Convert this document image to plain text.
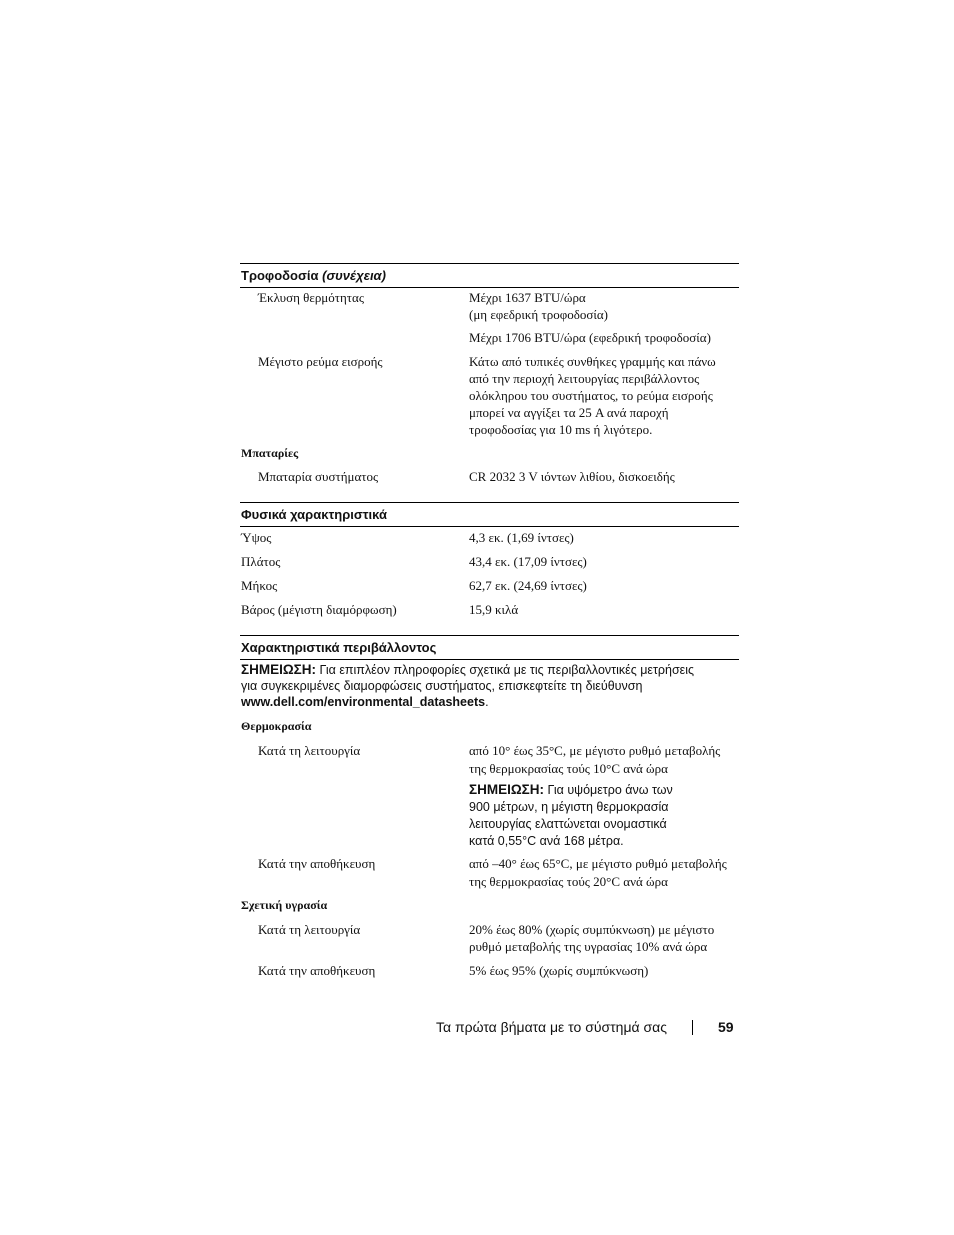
Τροφοδοσία (συνέχεια)
Έκλυση θερμότητας	Μέχρι 1637 BTU/ώρα
(μη εφεδρική τροφοδοσία)
Μέχρι 1706 BTU/ώρα (εφεδρική τροφοδοσία)
Μέγιστο ρεύμα εισροής	Κάτω από τυπικές συνθήκες γραμμής και πάνω
από την περιοχή λειτουργίας περιβάλλοντος
ολόκληρου του συστήματος, το ρεύμα εισροής
μπορεί να αγγίξει τα 25 A ανά παροχή
τροφοδοσίας για 10 ms ή λιγότερο.
Μπαταρίες
Μπαταρία συστήματος	CR 2032 3 V ιόντων λιθίου, δισκοειδής
Φυσικά χαρακτηριστικά
Ύψος	4,3 εκ. (1,69 ίντσες)
Πλάτος	43,4 εκ. (17,09 ίντσες)
Μήκος	62,7 εκ. (24,69 ίντσες)
Βάρος (μέγιστη διαμόρφωση)	15,9 κιλά
Χαρακτηριστικά περιβάλλοντος
ΣΗΜΕΙΩΣΗ: Για επιπλέον πληροφορίες σχετικά με τις περιβαλλοντικές μετρήσεις
για συγκεκριμένες διαμορφώσεις συστήματος, επισκεφτείτε τη διεύθυνση
www.dell.com/environmental_datasheets.
Θερμοκρασία
Κατά τη λειτουργία	από 10° έως 35°C, με μέγιστο ρυθμό μεταβολής
της θερμοκρασίας τούς 10°C ανά ώρα
ΣΗΜΕΙΩΣΗ: Για υψόμετρο άνω των
900 μέτρων, η μέγιστη θερμοκρασία
λειτουργίας ελαττώνεται ονομαστικά
κατά 0,55°C ανά 168 μέτρα.
Κατά την αποθήκευση	από –40° έως 65°C, με μέγιστο ρυθμό μεταβολής
της θερμοκρασίας τούς 20°C ανά ώρα
Σχετική υγρασία
Κατά τη λειτουργία	20% έως 80% (χωρίς συμπύκνωση) με μέγιστο
ρυθμό μεταβολής της υγρασίας 10% ανά ώρα
Κατά την αποθήκευση	5% έως 95% (χωρίς συμπύκνωση)
Τα πρώτα βήματα με το σύστημά σας	59
